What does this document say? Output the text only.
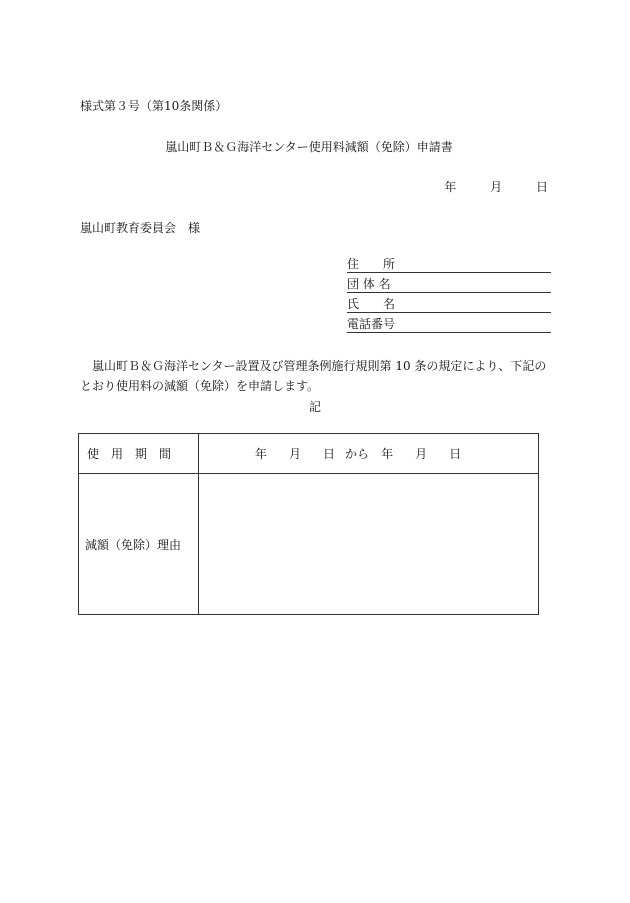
様式第３号（第10条関係）
嵐山町Ｂ＆Ｇ海洋センター使用料減額（免除）申請書
年	月	日
嵐山町教育委員会　様
住　　所
団 体 名
氏　　名
電話番号
嵐山町Ｂ＆Ｇ海洋センター設置及び管理条例施行規則第 10 条の規定により、下記のとおり使用料の減額（免除）を申請します。
記
使用期間	年 月 日 から 年 月 日
減額（免除）理由
